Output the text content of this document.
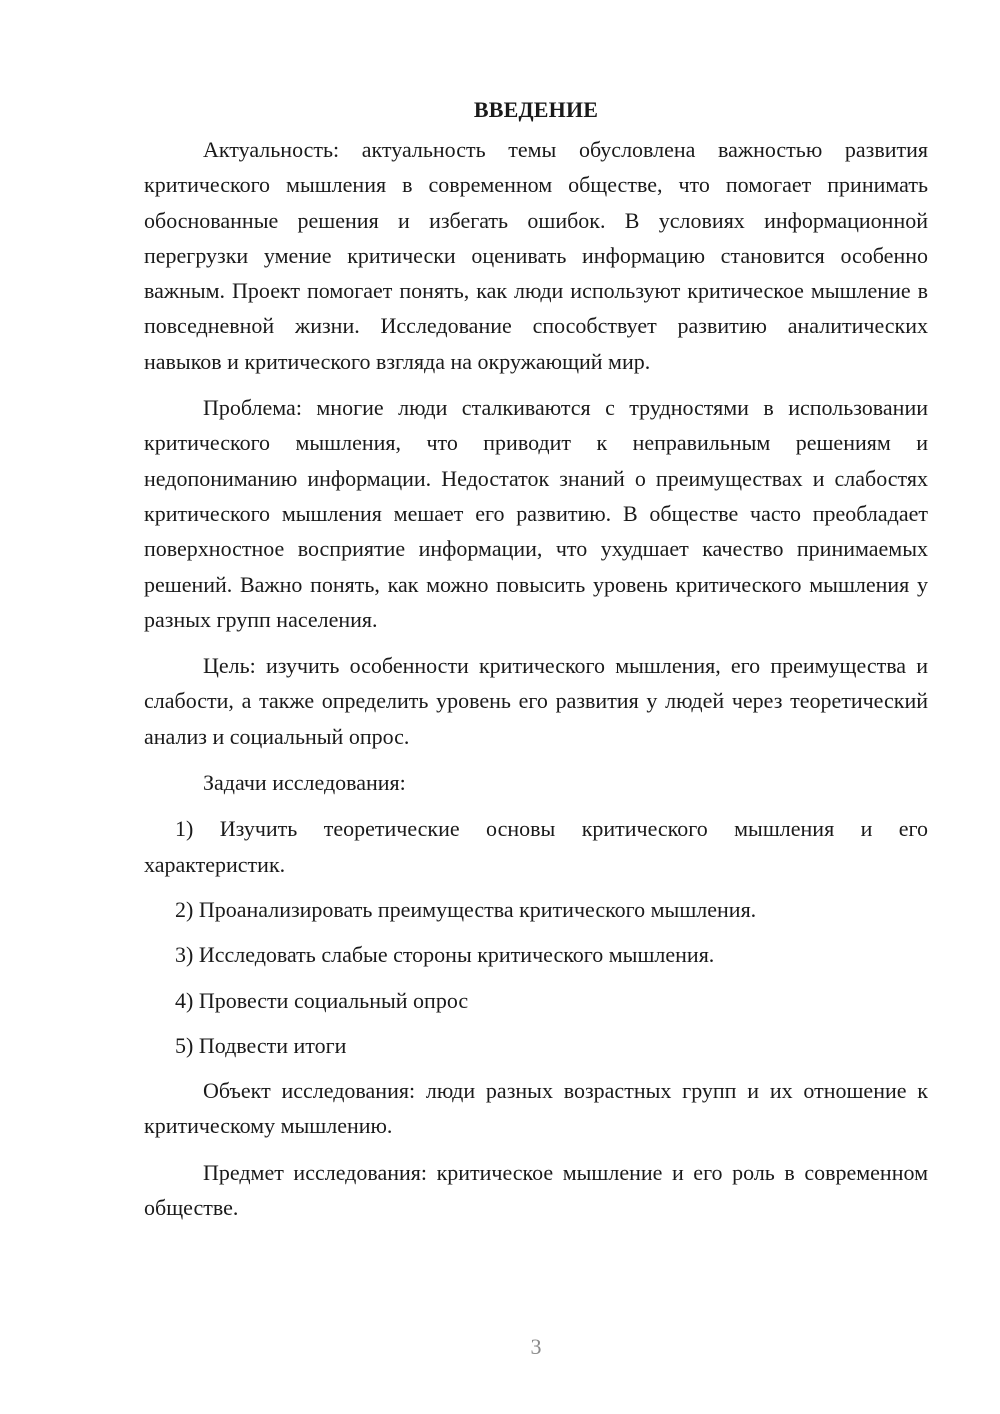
ВВЕДЕНИЕ

Актуальность: актуальность темы обусловлена важностью развития критического мышления в современном обществе, что помогает принимать обоснованные решения и избегать ошибок. В условиях информационной перегрузки умение критически оценивать информацию становится особенно важным. Проект помогает понять, как люди используют критическое мышление в повседневной жизни. Исследование способствует развитию аналитических навыков и критического взгляда на окружающий мир.

Проблема: многие люди сталкиваются с трудностями в использовании критического мышления, что приводит к неправильным решениям и недопониманию информации. Недостаток знаний о преимуществах и слабостях критического мышления мешает его развитию. В обществе часто преобладает поверхностное восприятие информации, что ухудшает качество принимаемых решений. Важно понять, как можно повысить уровень критического мышления у разных групп населения.

Цель: изучить особенности критического мышления, его преимущества и слабости, а также определить уровень его развития у людей через теоретический анализ и социальный опрос.

Задачи исследования:

1) Изучить теоретические основы критического мышления и его характеристик.

2) Проанализировать преимущества критического мышления.

3) Исследовать слабые стороны критического мышления.

4) Провести социальный опрос

5) Подвести итоги

Объект исследования: люди разных возрастных групп и их отношение к критическому мышлению.

Предмет исследования: критическое мышление и его роль в современном обществе.

3
